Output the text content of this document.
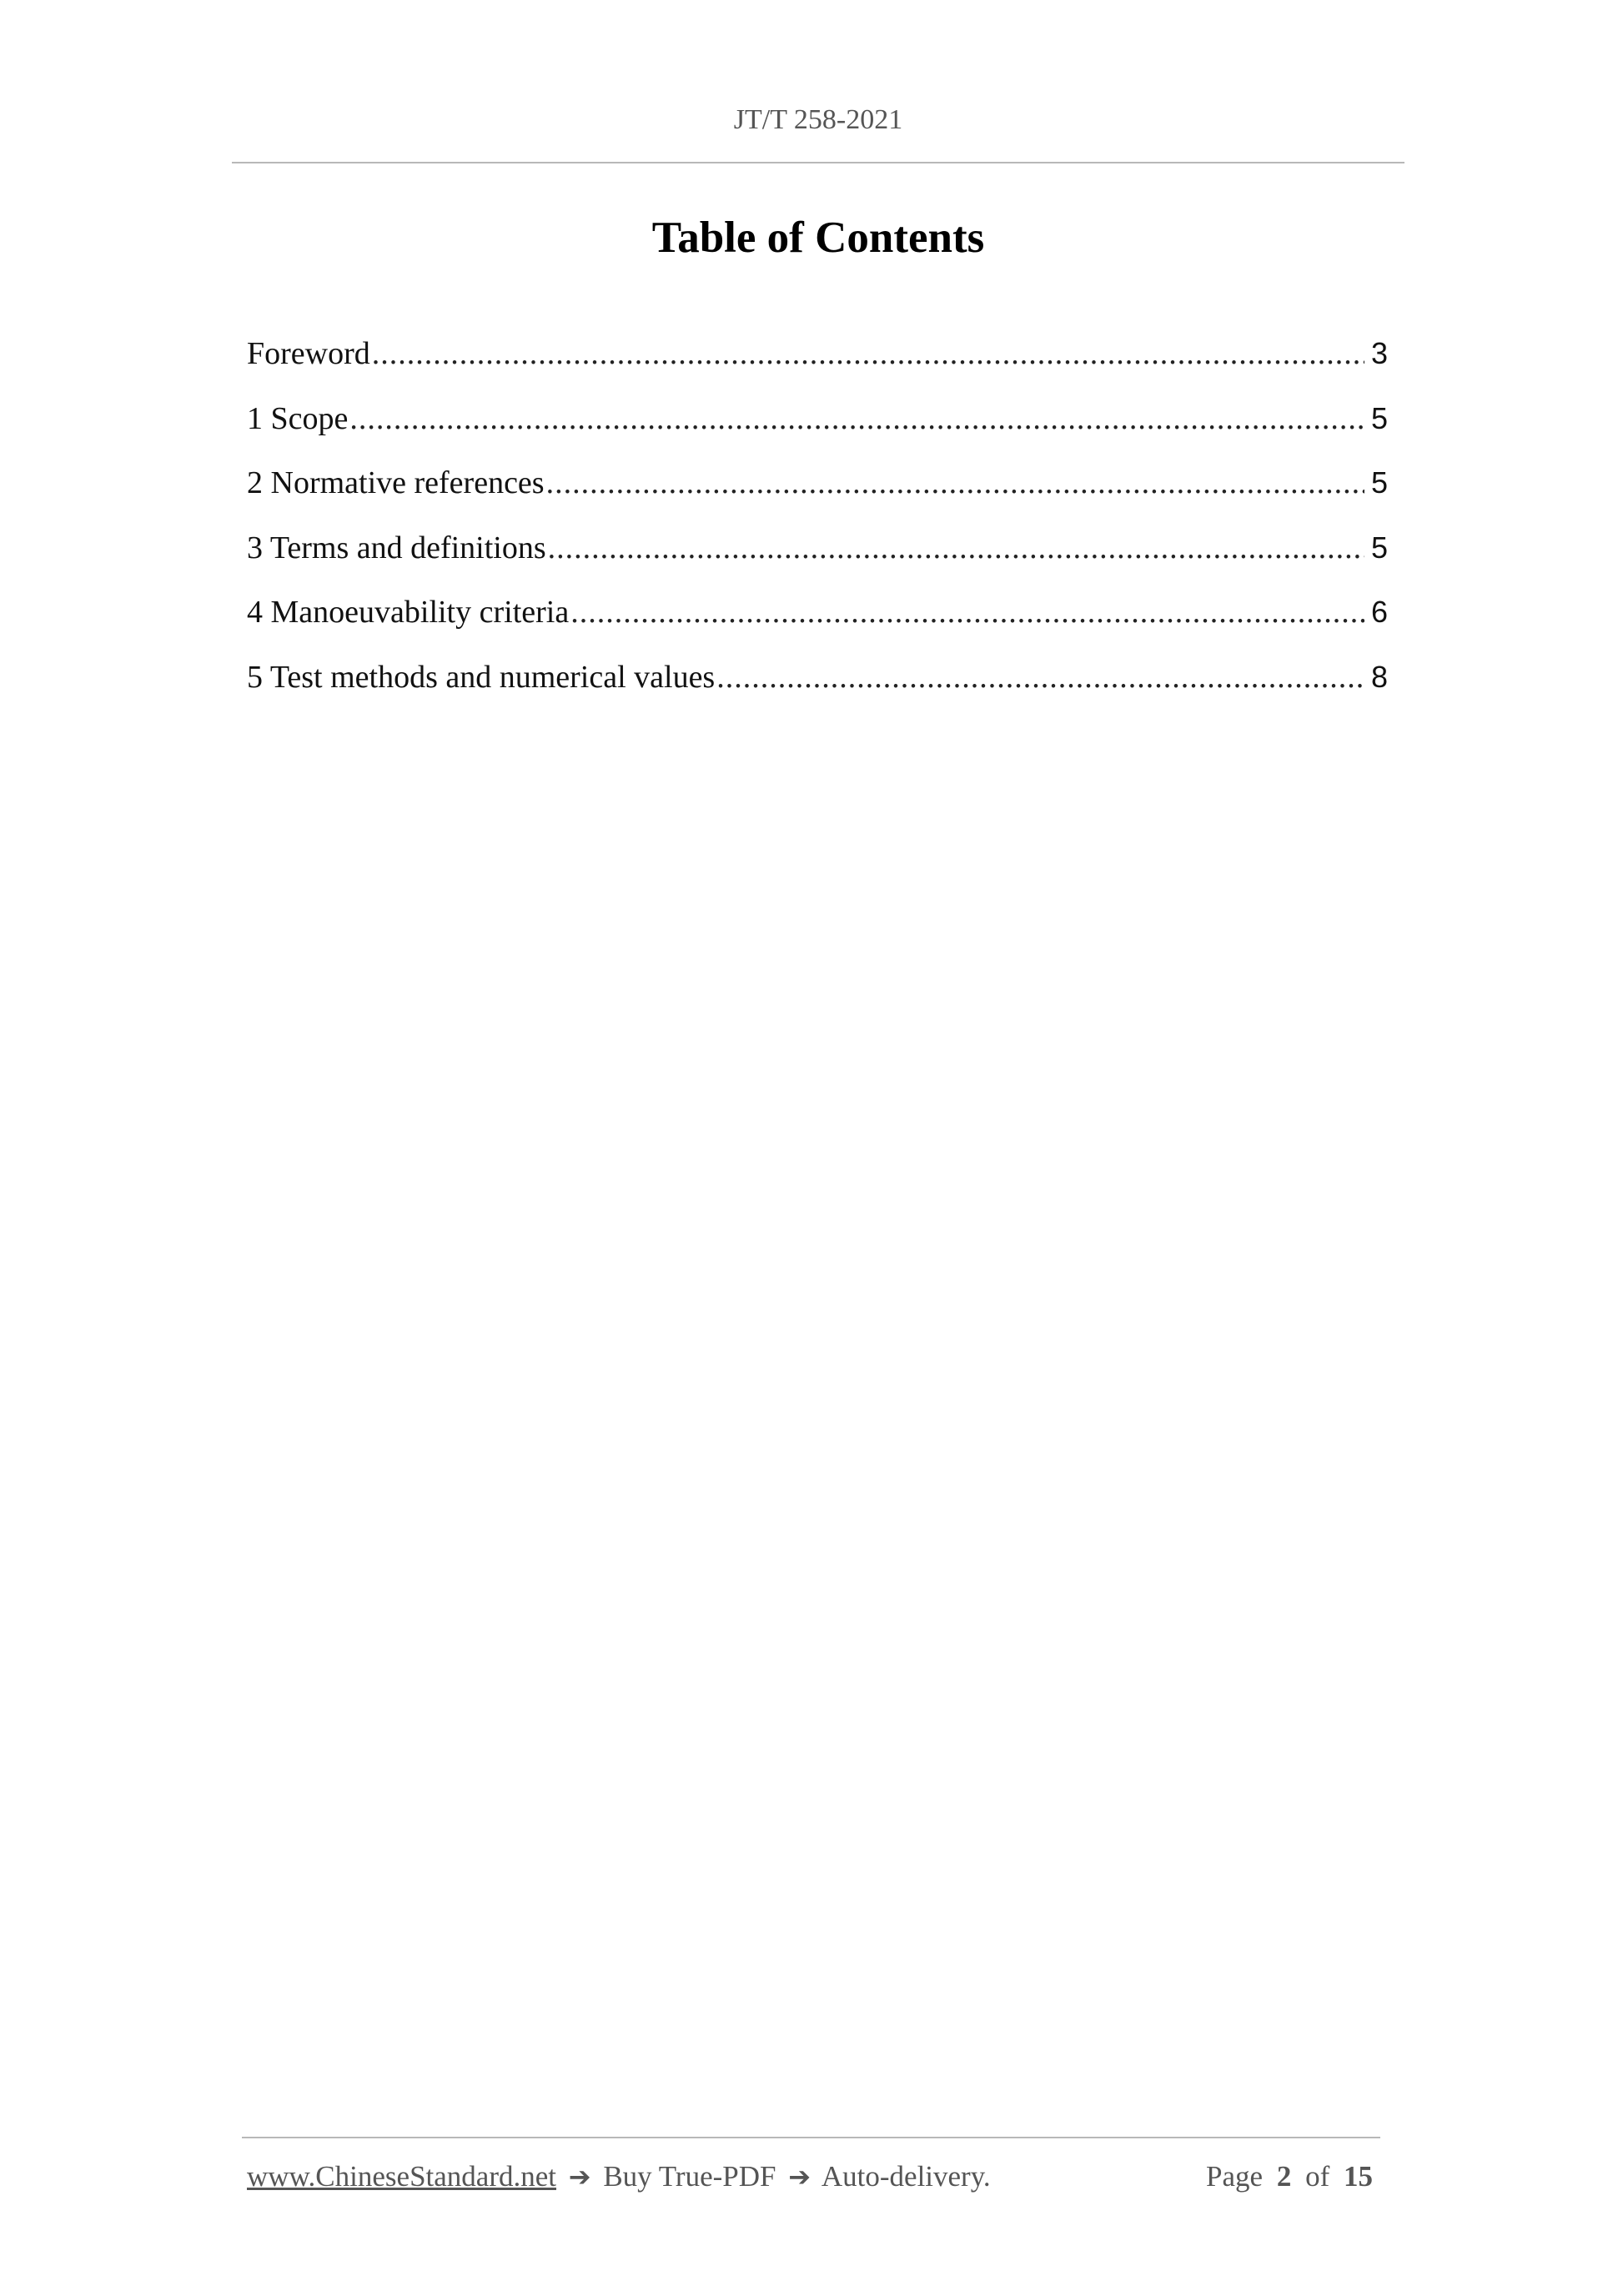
JT/T 258-2021
Table of Contents
Foreword .....	3
1 Scope .....	5
2 Normative references .....	5
3 Terms and definitions .....	5
4 Manoeuvability criteria .....	6
5 Test methods and numerical values .....	8
www.ChineseStandard.net ➔ Buy True-PDF ➔ Auto-delivery.	Page 2 of 15
